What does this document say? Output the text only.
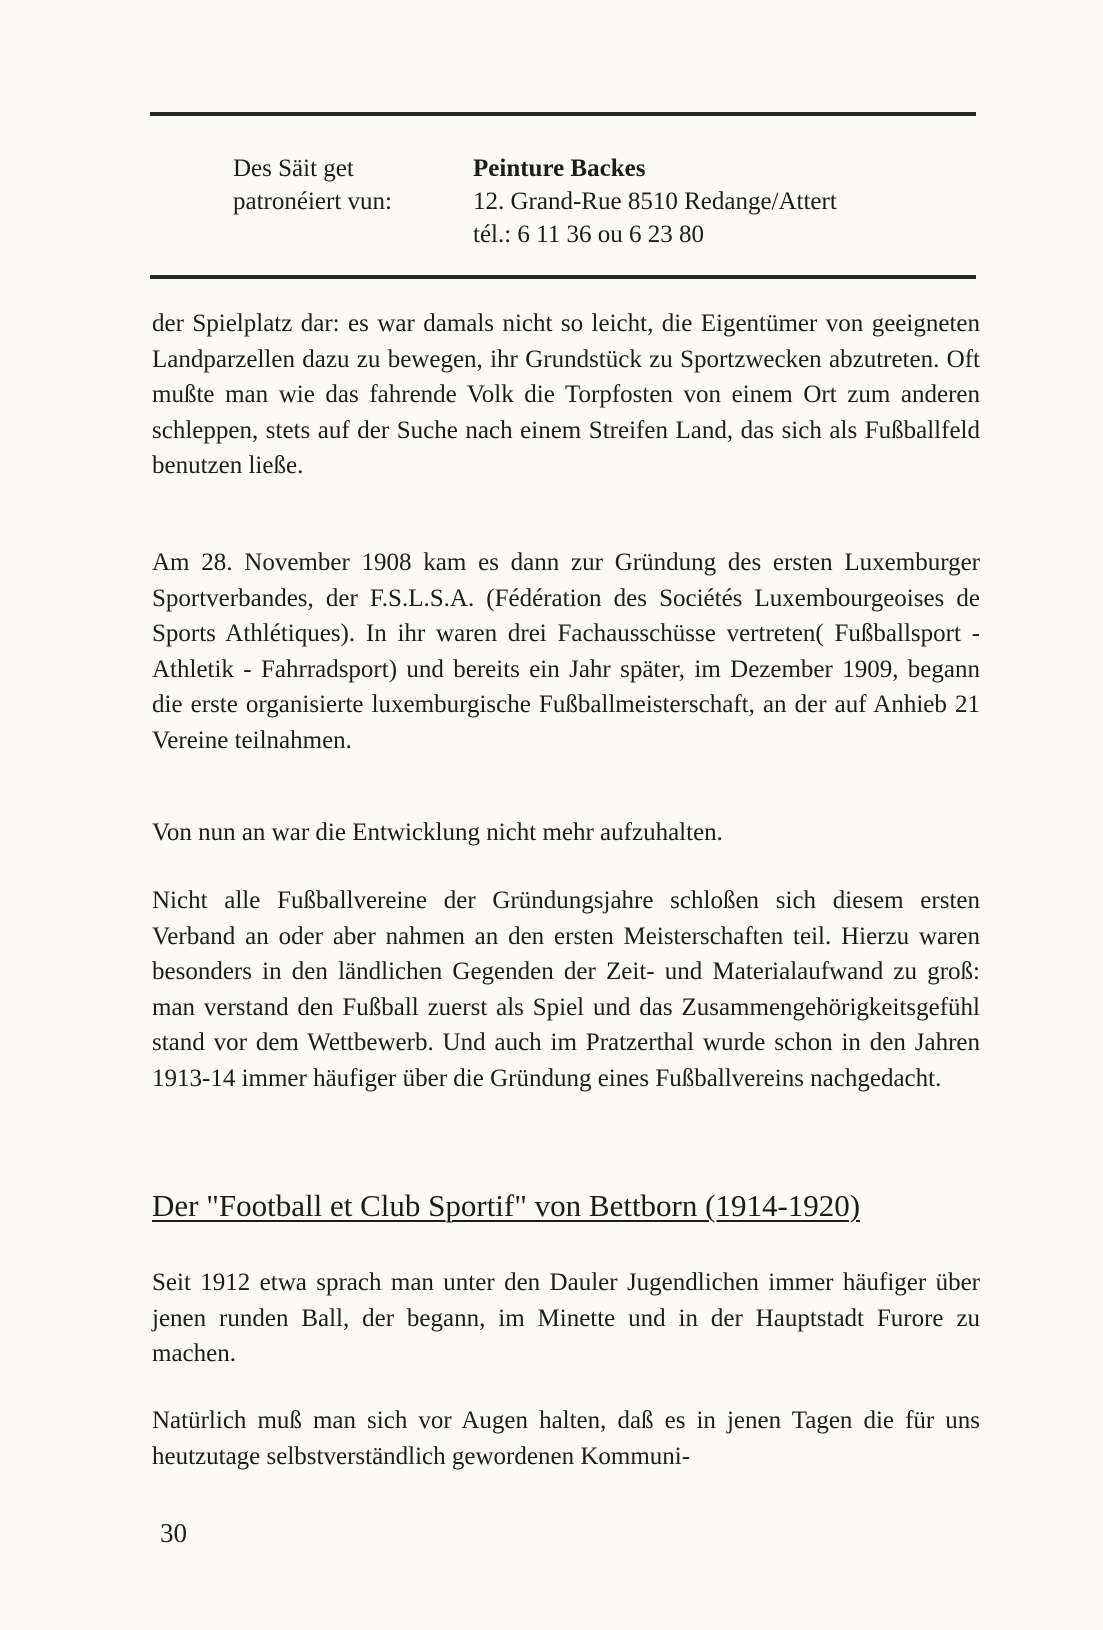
Des Säit get
patronéiert vun:
Peinture Backes
12. Grand-Rue 8510 Redange/Attert
tél.: 6 11 36 ou 6 23 80

der Spielplatz dar: es war damals nicht so leicht, die Eigentümer von geeigneten Landparzellen dazu zu bewegen, ihr Grundstück zu Sportzwecken abzutreten. Oft mußte man wie das fahrende Volk die Torpfosten von einem Ort zum anderen schleppen, stets auf der Suche nach einem Streifen Land, das sich als Fußballfeld benutzen ließe.

Am 28. November 1908 kam es dann zur Gründung des ersten Luxemburger Sportverbandes, der F.S.L.S.A. (Fédération des Sociétés Luxembourgeoises de Sports Athlétiques). In ihr waren drei Fachausschüsse vertreten( Fußballsport - Athletik - Fahrradsport) und bereits ein Jahr später, im Dezember 1909, begann die erste organisierte luxemburgische Fußballmeisterschaft, an der auf Anhieb 21 Vereine teilnahmen.

Von nun an war die Entwicklung nicht mehr aufzuhalten.

Nicht alle Fußballvereine der Gründungsjahre schloßen sich diesem ersten Verband an oder aber nahmen an den ersten Meisterschaften teil. Hierzu waren besonders in den ländlichen Gegenden der Zeit- und Materialaufwand zu groß: man verstand den Fußball zuerst als Spiel und das Zusammengehörigkeitsgefühl stand vor dem Wettbewerb. Und auch im Pratzerthal wurde schon in den Jahren 1913-14 immer häufiger über die Gründung eines Fußballvereins nachgedacht.

Der "Football et Club Sportif" von Bettborn (1914-1920)

Seit 1912 etwa sprach man unter den Dauler Jugendlichen immer häufiger über jenen runden Ball, der begann, im Minette und in der Hauptstadt Furore zu machen.

Natürlich muß man sich vor Augen halten, daß es in jenen Tagen die für uns heutzutage selbstverständlich gewordenen Kommuni-

30
